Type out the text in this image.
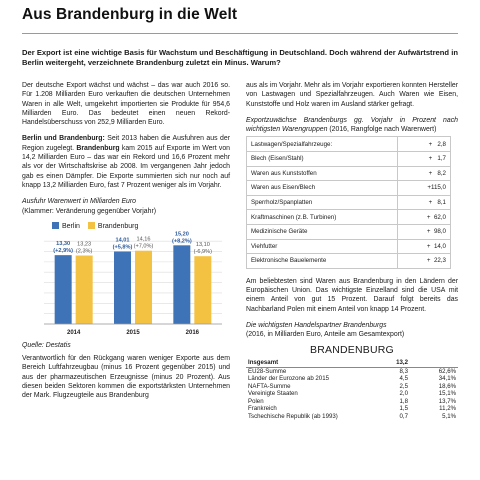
Aus Brandenburg in die Welt
Der Export ist eine wichtige Basis für Wachstum und Beschäftigung in Deutschland. Doch während der Aufwärtstrend in Berlin weitergeht, verzeichnete Brandenburg zuletzt ein Minus. Warum?

Der deutsche Export wächst und wächst – das war auch 2016 so. Für 1.208 Milliarden Euro verkauften die deutschen Unternehmen Waren in alle Welt, umgekehrt importierten sie Produkte für 954,6 Milliarden Euro. Das bedeutet einen neuen Rekord-Handelsüberschuss von 252,9 Milliarden Euro.

Berlin und Brandenburg: Seit 2013 haben die Ausfuhren aus der Region zugelegt. Brandenburg kam 2015 auf Exporte im Wert von 14,2 Milliarden Euro – das war ein Rekord und 16,6 Prozent mehr als vor der Wirtschaftskrise ab 2008. Im vergangenen Jahr jedoch gab es einen Dämpfer. Die Exporte summierten sich nur noch auf knapp 13,2 Milliarden Euro, fast 7 Prozent weniger als im Vorjahr.

Ausfuhr Warenwert in Milliarden Euro
(Klammer: Veränderung gegenüber Vorjahr)
Berlin	Brandenburg
13,30
(+2,9%)
13,23
(2,3%)
2014
14,01
(+5,8%)
14,16
(+7,0%)
2015
15,20
(+8,2%)
13,10
(-6,9%)
2016
Quelle: Destatis

Verantwortlich für den Rückgang waren weniger Exporte aus dem Bereich Luftfahrzeugbau (minus 16 Prozent gegenüber 2015) und aus der pharmazeutischen Erzeugnisse (minus 20 Prozent). Aus diesen beiden Sektoren kommen die exportstärksten Unternehmen der Mark. Flugzeugteile aus Brandenburg

aus als im Vorjahr. Mehr als im Vorjahr exportieren konnten Hersteller von Lastwagen und Spezialfahrzeugen. Auch Waren wie Eisen, Kunststoffe und Holz waren im Ausland stärker gefragt.

Exportzuwächse Brandenburgs gg. Vorjahr in Prozent nach wichtigsten Warengruppen (2016, Rangfolge nach Warenwert)
Lastwagen/Spezialfahrzeuge:	+   2,8
Blech (Eisen/Stahl)	+   1,7
Waren aus Kunststoffen	+   8,2
Waren aus Eisen/Blech	+115,0
Sperrholz/Spanplatten	+   8,1
Kraftmaschinen (z.B. Turbinen)	+  62,0
Medizinische Geräte	+  98,0
Viehfutter	+  14,0
Elektronische Bauelemente	+  22,3

Am beliebtesten sind Waren aus Brandenburg in den Ländern der Europäischen Union. Das wichtigste Einzelland sind die USA mit einem Anteil von gut 15 Prozent. Darauf folgt bereits das Nachbarland Polen mit einem Anteil von knapp 14 Prozent.

Die wichtigsten Handelspartner Brandenburgs
(2016, in Milliarden Euro, Anteile am Gesamtexport)
BRANDENBURG
Insgesamt	13,2	
EU28-Summe	8,3	62,6%
Länder der Eurozone ab 2015	4,5	34,1%
NAFTA-Summe	2,5	18,6%
Vereinigte Staaten	2,0	15,1%
Polen	1,8	13,7%
Frankreich	1,5	11,2%
Tschechische Republik (ab 1993)	0,7	5,1%
